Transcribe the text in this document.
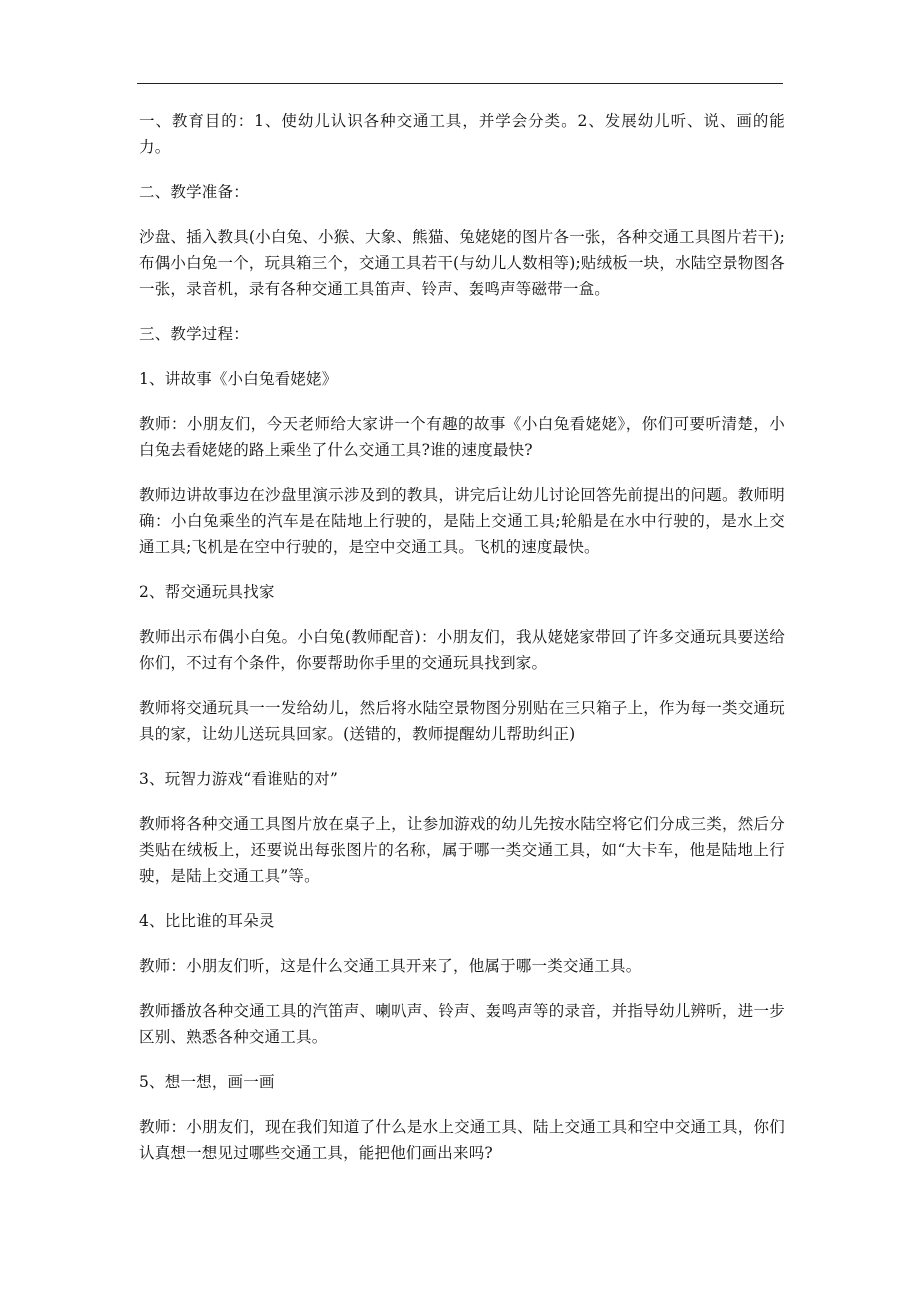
一、教育目的：1、使幼儿认识各种交通工具，并学会分类。2、发展幼儿听、说、画的能力。

二、教学准备：

沙盘、插入教具(小白兔、小猴、大象、熊猫、兔姥姥的图片各一张，各种交通工具图片若干);布偶小白兔一个，玩具箱三个，交通工具若干(与幼儿人数相等);贴绒板一块，水陆空景物图各一张，录音机，录有各种交通工具笛声、铃声、轰鸣声等磁带一盒。

三、教学过程：

1、讲故事《小白兔看姥姥》

教师：小朋友们，今天老师给大家讲一个有趣的故事《小白兔看姥姥》，你们可要听清楚，小白兔去看姥姥的路上乘坐了什么交通工具?谁的速度最快?

教师边讲故事边在沙盘里演示涉及到的教具，讲完后让幼儿讨论回答先前提出的问题。教师明确：小白兔乘坐的汽车是在陆地上行驶的，是陆上交通工具;轮船是在水中行驶的，是水上交通工具;飞机是在空中行驶的，是空中交通工具。飞机的速度最快。

2、帮交通玩具找家

教师出示布偶小白兔。小白兔(教师配音)：小朋友们，我从姥姥家带回了许多交通玩具要送给你们，不过有个条件，你要帮助你手里的交通玩具找到家。

教师将交通玩具一一发给幼儿，然后将水陆空景物图分别贴在三只箱子上，作为每一类交通玩具的家，让幼儿送玩具回家。(送错的，教师提醒幼儿帮助纠正)

3、玩智力游戏“看谁贴的对”

教师将各种交通工具图片放在桌子上，让参加游戏的幼儿先按水陆空将它们分成三类，然后分类贴在绒板上，还要说出每张图片的名称，属于哪一类交通工具，如“大卡车，他是陆地上行驶，是陆上交通工具”等。

4、比比谁的耳朵灵

教师：小朋友们听，这是什么交通工具开来了，他属于哪一类交通工具。

教师播放各种交通工具的汽笛声、喇叭声、铃声、轰鸣声等的录音，并指导幼儿辨听，进一步区别、熟悉各种交通工具。

5、想一想，画一画

教师：小朋友们，现在我们知道了什么是水上交通工具、陆上交通工具和空中交通工具，你们认真想一想见过哪些交通工具，能把他们画出来吗?
